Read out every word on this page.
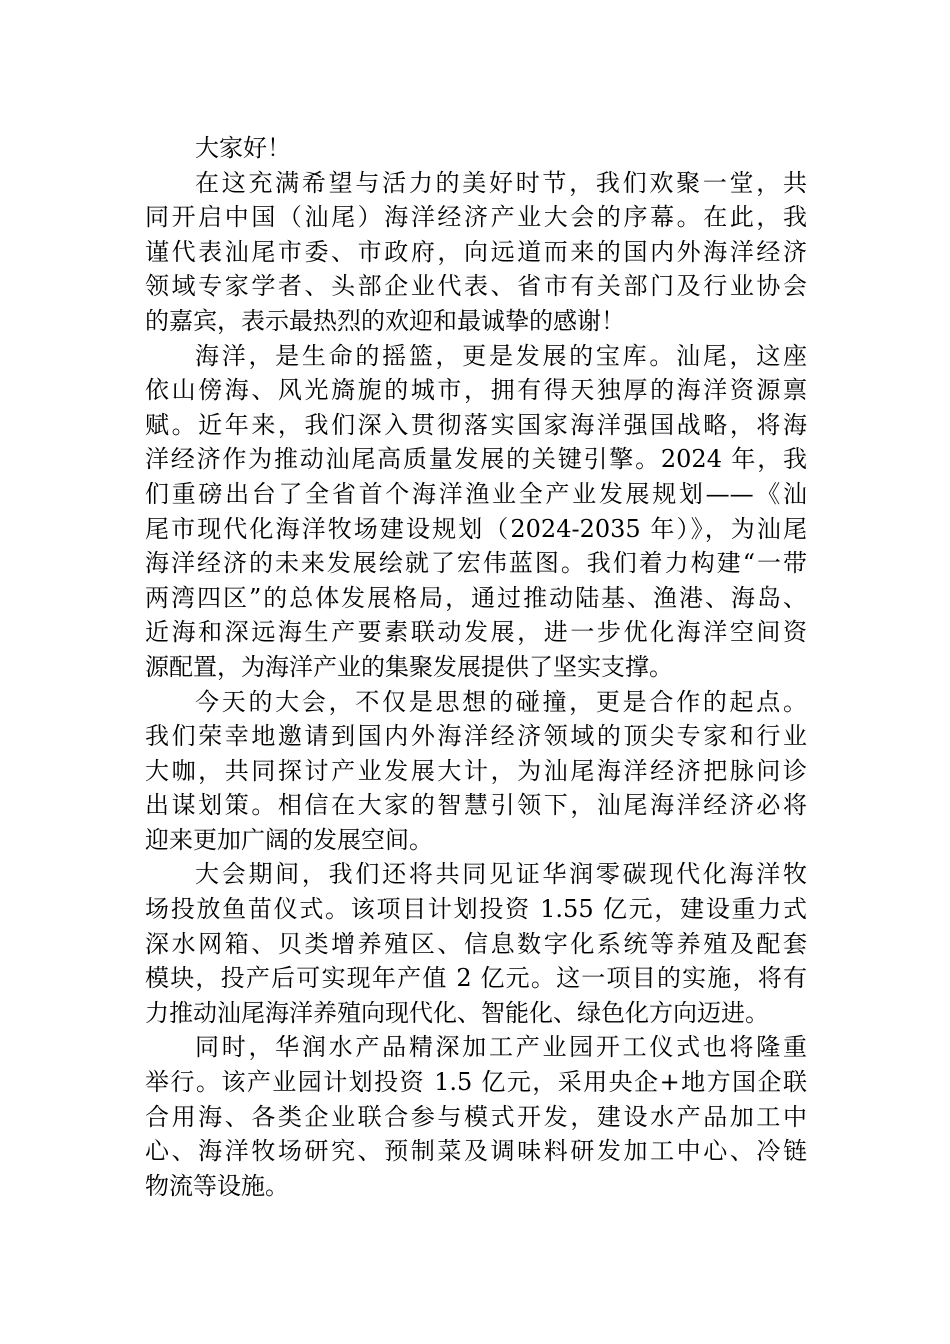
大家好！
在这充满希望与活力的美好时节，我们欢聚一堂，共
同开启中国（汕尾）海洋经济产业大会的序幕。在此，我
谨代表汕尾市委、市政府，向远道而来的国内外海洋经济
领域专家学者、头部企业代表、省市有关部门及行业协会
的嘉宾，表示最热烈的欢迎和最诚挚的感谢！
海洋，是生命的摇篮，更是发展的宝库。汕尾，这座
依山傍海、风光旖旎的城市，拥有得天独厚的海洋资源禀
赋。近年来，我们深入贯彻落实国家海洋强国战略，将海
洋经济作为推动汕尾高质量发展的关键引擎。2024 年，我
们重磅出台了全省首个海洋渔业全产业发展规划——《汕
尾市现代化海洋牧场建设规划（2024-2035 年）》，为汕尾
海洋经济的未来发展绘就了宏伟蓝图。我们着力构建“一带
两湾四区”的总体发展格局，通过推动陆基、渔港、海岛、
近海和深远海生产要素联动发展，进一步优化海洋空间资
源配置，为海洋产业的集聚发展提供了坚实支撑。
今天的大会，不仅是思想的碰撞，更是合作的起点。
我们荣幸地邀请到国内外海洋经济领域的顶尖专家和行业
大咖，共同探讨产业发展大计，为汕尾海洋经济把脉问诊
出谋划策。相信在大家的智慧引领下，汕尾海洋经济必将
迎来更加广阔的发展空间。
大会期间，我们还将共同见证华润零碳现代化海洋牧
场投放鱼苗仪式。该项目计划投资 1.55 亿元，建设重力式
深水网箱、贝类增养殖区、信息数字化系统等养殖及配套
模块，投产后可实现年产值 2 亿元。这一项目的实施，将有
力推动汕尾海洋养殖向现代化、智能化、绿色化方向迈进。
同时，华润水产品精深加工产业园开工仪式也将隆重
举行。该产业园计划投资 1.5 亿元，采用央企+地方国企联
合用海、各类企业联合参与模式开发，建设水产品加工中
心、海洋牧场研究、预制菜及调味料研发加工中心、冷链
物流等设施。
